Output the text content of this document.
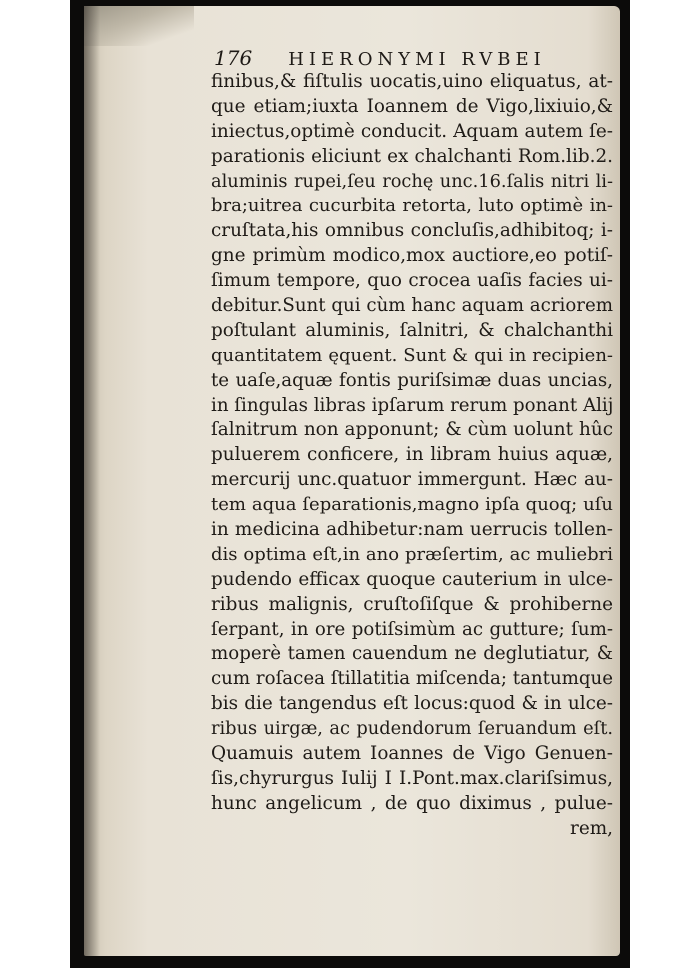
176 HIERONYMI RVBEI
finibus,& fiſtulis uocatis,uino eliquatus, at-
que etiam;iuxta Ioannem de Vigo,lixiuio,&
iniectus,optimè conducit. Aquam autem ſe-
parationis eliciunt ex chalchanti Rom.lib.2.
aluminis rupei,ſeu rochę unc.16.ſalis nitri li-
bra;uitrea cucurbita retorta, luto optimè in-
cruſtata,his omnibus concluſis,adhibitoq; i-
gne primùm modico,mox auctiore,eo potiſ-
ſimum tempore, quo crocea uaſis facies ui-
debitur.Sunt qui cùm hanc aquam acriorem
poſtulant aluminis, ſalnitri, & chalchanthi
quantitatem ęquent. Sunt & qui in recipien-
te uaſe,aquæ fontis puriſsimæ duas uncias,
in ſingulas libras ipſarum rerum ponant Alij
ſalnitrum non apponunt; & cùm uolunt hûc
puluerem conficere, in libram huius aquæ,
mercurij unc.quatuor immergunt. Hæc au-
tem aqua ſeparationis,magno ipſa quoq; uſu
in medicina adhibetur:nam uerrucis tollen-
dis optima eſt,in ano præſertim, ac muliebri
pudendo efficax quoque cauterium in ulce-
ribus malignis, cruſtoſiſque & prohiberne
ſerpant, in ore potiſsimùm ac gutture; ſum-
moperè tamen cauendum ne deglutiatur, &
cum roſacea ſtillatitia miſcenda; tantumque
bis die tangendus eſt locus:quod & in ulce-
ribus uirgæ, ac pudendorum ſeruandum eſt.
Quamuis autem Ioannes de Vigo Genuen-
ſis,chyrurgus Iulij I I.Pont.max.clariſsimus,
hunc angelicum , de quo diximus , pulue-
rem,
